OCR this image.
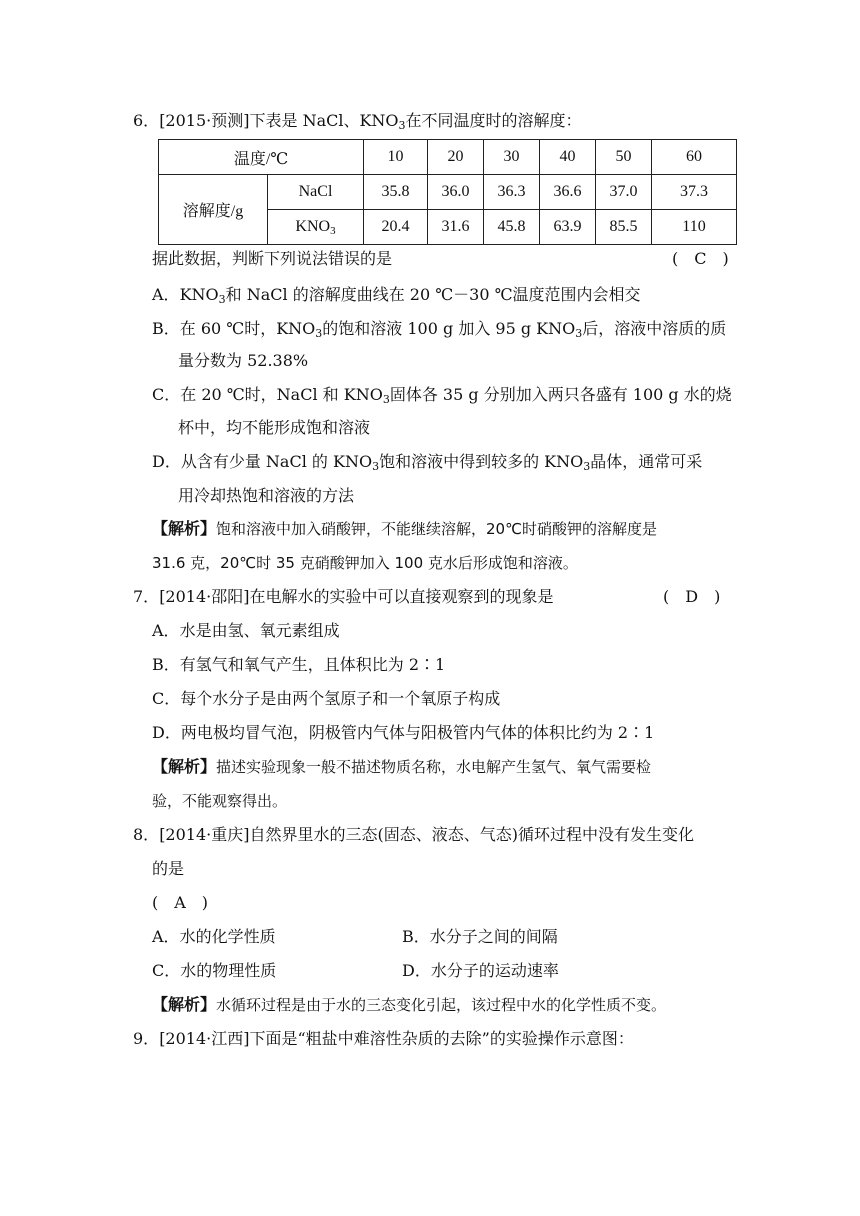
6．[2015·预测]下表是 NaCl、$KNO_3$在不同温度时的溶解度：
温度/℃		10	20	30	40	50	60
溶解度/g	NaCl	35.8	36.0	36.3	36.6	37.0	37.3
	$KNO_3$	20.4	31.6	45.8	63.9	85.5	110
据此数据，判断下列说法错误的是	(　C　)
A．$KNO_3$和 NaCl 的溶解度曲线在 20 ℃－30 ℃温度范围内会相交
B．在 60 ℃时，$KNO_3$的饱和溶液 100 g 加入 95 g $KNO_3$后，溶液中溶质的质
量分数为 52.38%
C．在 20 ℃时，NaCl 和 $KNO_3$固体各 35 g 分别加入两只各盛有 100 g 水的烧
杯中，均不能形成饱和溶液
D．从含有少量 NaCl 的 $KNO_3$饱和溶液中得到较多的 $KNO_3$晶体，通常可采
用冷却热饱和溶液的方法
【解析】饱和溶液中加入硝酸钾，不能继续溶解，20℃时硝酸钾的溶解度是
31.6 克，20℃时 35 克硝酸钾加入 100 克水后形成饱和溶液。
7．[2014·邵阳]在电解水的实验中可以直接观察到的现象是	(　D　)
A．水是由氢、氧元素组成
B．有氢气和氧气产生，且体积比为 2∶1
C．每个水分子是由两个氢原子和一个氧原子构成
D．两电极均冒气泡，阴极管内气体与阳极管内气体的体积比约为 2∶1
【解析】描述实验现象一般不描述物质名称，水电解产生氢气、氧气需要检
验，不能观察得出。
8．[2014·重庆]自然界里水的三态(固态、液态、气态)循环过程中没有发生变化
的是
(　A　)
A．水的化学性质	B．水分子之间的间隔
C．水的物理性质	D．水分子的运动速率
【解析】水循环过程是由于水的三态变化引起，该过程中水的化学性质不变。
9．[2014·江西]下面是“粗盐中难溶性杂质的去除”的实验操作示意图：
